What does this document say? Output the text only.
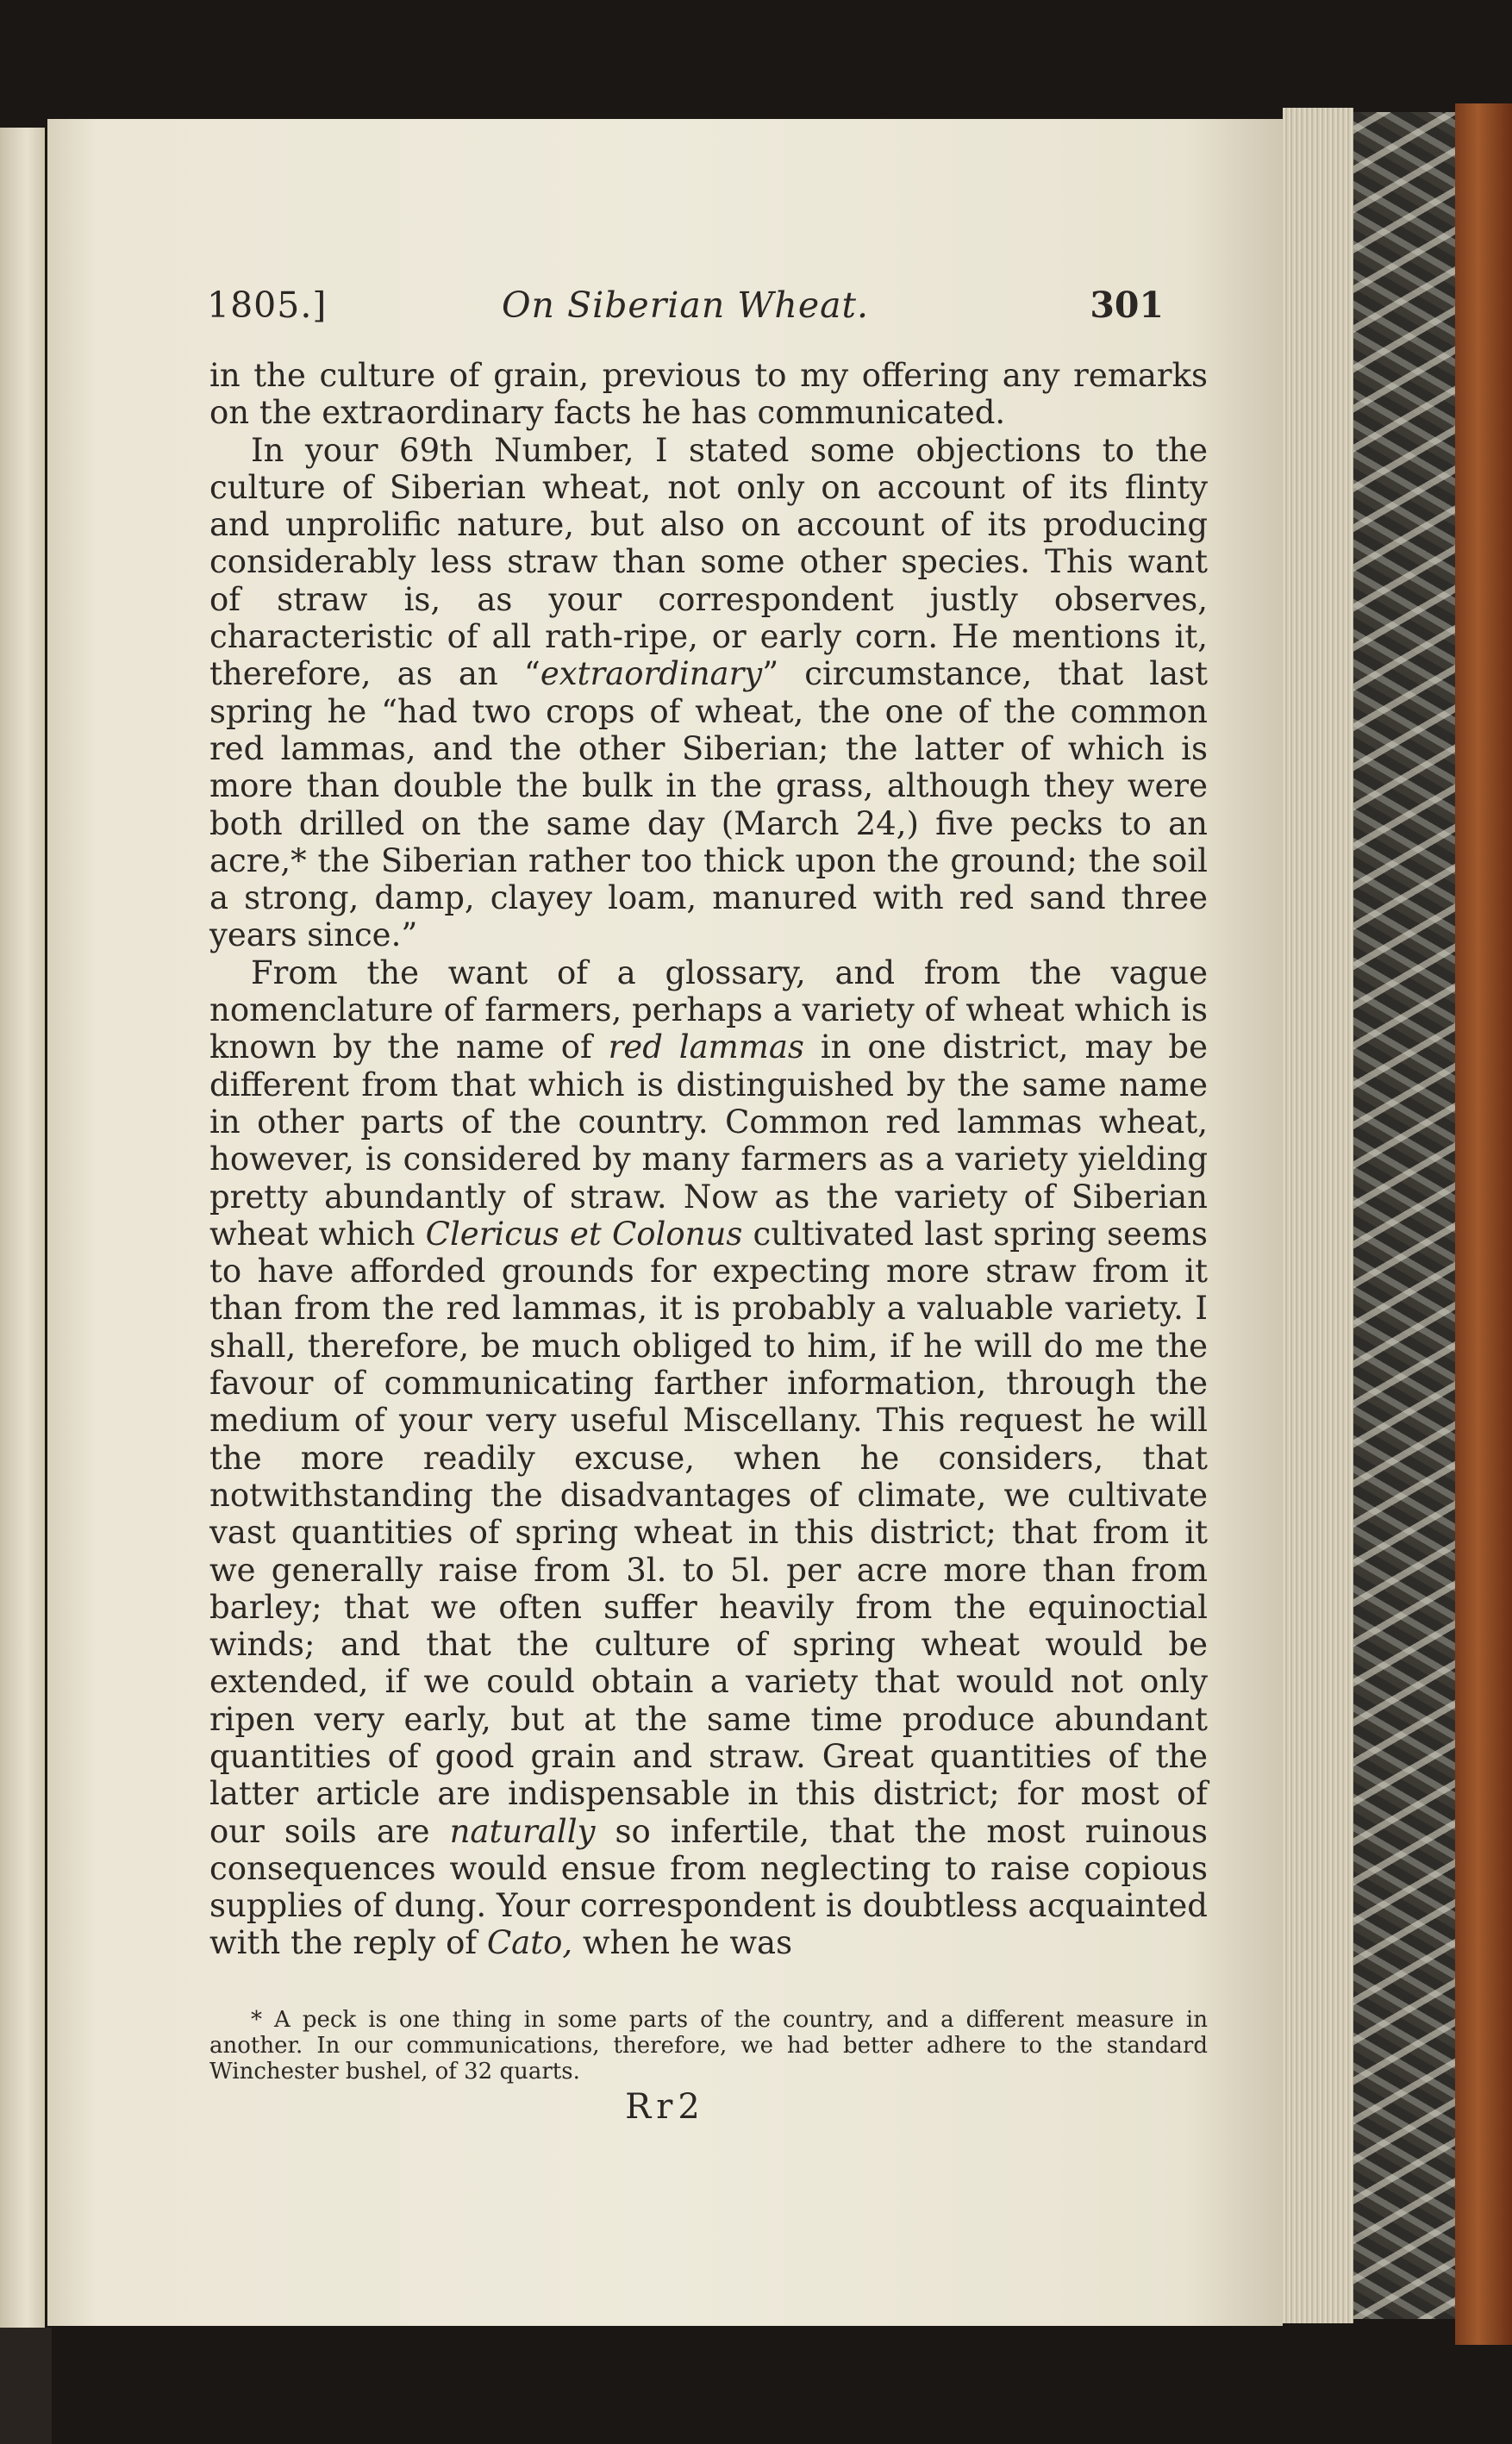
1805.]	On Siberian Wheat.	301

in the culture of grain, previous to my offering any remarks on the extraordinary facts he has communicated.

In your 69th Number, I stated some objections to the culture of Siberian wheat, not only on account of its flinty and unprolific nature, but also on account of its producing considerably less straw than some other species. This want of straw is, as your correspondent justly observes, characteristic of all rath-ripe, or early corn. He mentions it, therefore, as an “extraordinary” circumstance, that last spring he “had two crops of wheat, the one of the common red lammas, and the other Siberian; the latter of which is more than double the bulk in the grass, although they were both drilled on the same day (March 24,) five pecks to an acre,* the Siberian rather too thick upon the ground; the soil a strong, damp, clayey loam, manured with red sand three years since.”

From the want of a glossary, and from the vague nomenclature of farmers, perhaps a variety of wheat which is known by the name of red lammas in one district, may be different from that which is distinguished by the same name in other parts of the country. Common red lammas wheat, however, is considered by many farmers as a variety yielding pretty abundantly of straw. Now as the variety of Siberian wheat which Clericus et Colonus cultivated last spring seems to have afforded grounds for expecting more straw from it than from the red lammas, it is probably a valuable variety. I shall, therefore, be much obliged to him, if he will do me the favour of communicating farther information, through the medium of your very useful Miscellany. This request he will the more readily excuse, when he considers, that notwithstanding the disadvantages of climate, we cultivate vast quantities of spring wheat in this district; that from it we generally raise from 3l. to 5l. per acre more than from barley; that we often suffer heavily from the equinoctial winds; and that the culture of spring wheat would be extended, if we could obtain a variety that would not only ripen very early, but at the same time produce abundant quantities of good grain and straw. Great quantities of the latter article are indispensable in this district; for most of our soils are naturally so infertile, that the most ruinous consequences would ensue from neglecting to raise copious supplies of dung. Your correspondent is doubtless acquainted with the reply of Cato, when he was

* A peck is one thing in some parts of the country, and a different measure in another. In our communications, therefore, we had better adhere to the standard Winchester bushel, of 32 quarts.

Rr2
